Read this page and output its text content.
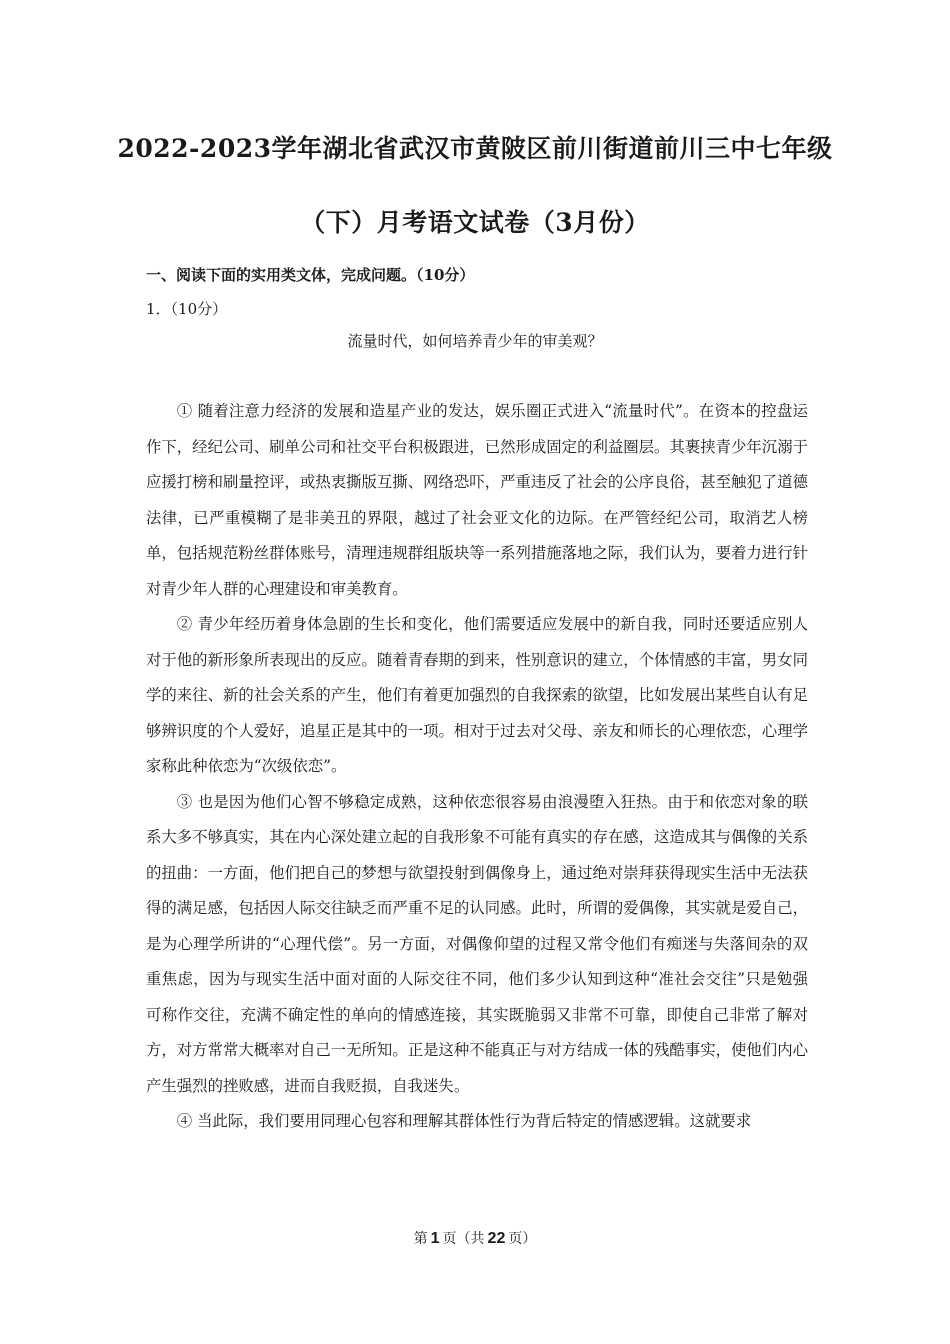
2022-2023学年湖北省武汉市黄陂区前川街道前川三中七年级
（下）月考语文试卷（3月份）
一、阅读下面的实用类文体，完成问题。（10分）
1．（10分）
流量时代，如何培养青少年的审美观？

① 随着注意力经济的发展和造星产业的发达，娱乐圈正式进入“流量时代”。在资本的控盘运作下，经纪公司、刷单公司和社交平台积极跟进，已然形成固定的利益圈层。其裹挟青少年沉溺于应援打榜和刷量控评，或热衷撕版互撕、网络恐吓，严重违反了社会的公序良俗，甚至触犯了道德法律，已严重模糊了是非美丑的界限，越过了社会亚文化的边际。在严管经纪公司，取消艺人榜单，包括规范粉丝群体账号，清理违规群组版块等一系列措施落地之际，我们认为，要着力进行针对青少年人群的心理建设和审美教育。

② 青少年经历着身体急剧的生长和变化，他们需要适应发展中的新自我，同时还要适应别人对于他的新形象所表现出的反应。随着青春期的到来，性别意识的建立，个体情感的丰富，男女同学的来往、新的社会关系的产生，他们有着更加强烈的自我探索的欲望，比如发展出某些自认有足够辨识度的个人爱好，追星正是其中的一项。相对于过去对父母、亲友和师长的心理依恋，心理学家称此种依恋为“次级依恋”。

③ 也是因为他们心智不够稳定成熟，这种依恋很容易由浪漫堕入狂热。由于和依恋对象的联系大多不够真实，其在内心深处建立起的自我形象不可能有真实的存在感，这造成其与偶像的关系的扭曲：一方面，他们把自己的梦想与欲望投射到偶像身上，通过绝对崇拜获得现实生活中无法获得的满足感，包括因人际交往缺乏而严重不足的认同感。此时，所谓的爱偶像，其实就是爱自己，是为心理学所讲的“心理代偿”。另一方面，对偶像仰望的过程又常令他们有痴迷与失落间杂的双重焦虑，因为与现实生活中面对面的人际交往不同，他们多少认知到这种“准社会交往”只是勉强可称作交往，充满不确定性的单向的情感连接，其实既脆弱又非常不可靠，即使自己非常了解对方，对方常常大概率对自己一无所知。正是这种不能真正与对方结成一体的残酷事实，使他们内心产生强烈的挫败感，进而自我贬损，自我迷失。

④ 当此际，我们要用同理心包容和理解其群体性行为背后特定的情感逻辑。这就要求

第 1 页（共 22 页）
